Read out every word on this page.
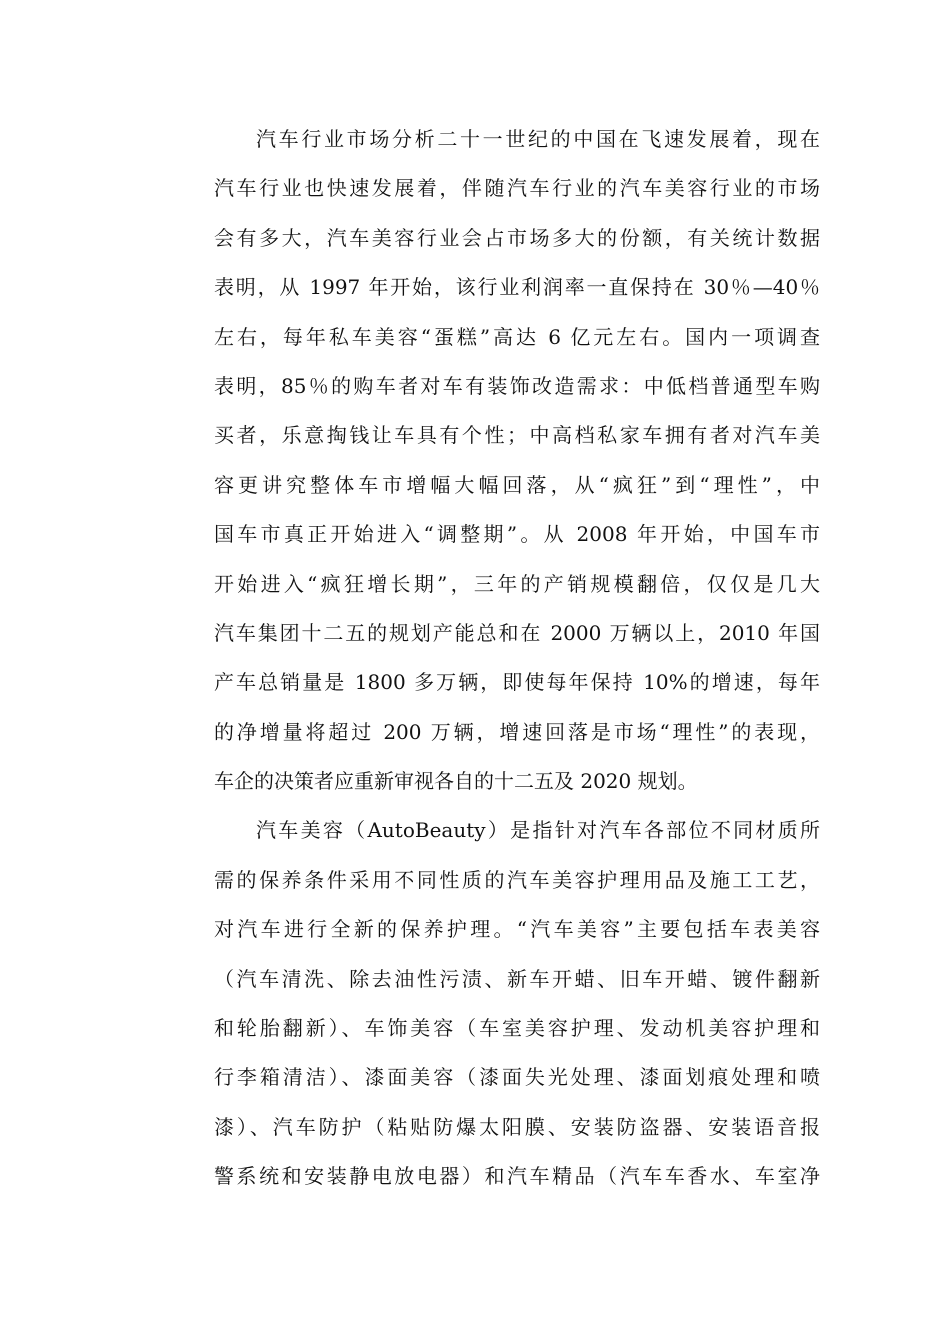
汽车行业市场分析二十一世纪的中国在飞速发展着，现在
汽车行业也快速发展着，伴随汽车行业的汽车美容行业的市场
会有多大，汽车美容行业会占市场多大的份额，有关统计数据
表明，从 1997 年开始，该行业利润率一直保持在 30％—40％
左右，每年私车美容“蛋糕”高达 6 亿元左右。国内一项调查
表明，85％的购车者对车有装饰改造需求：中低档普通型车购
买者，乐意掏钱让车具有个性；中高档私家车拥有者对汽车美
容更讲究整体车市增幅大幅回落，从“疯狂”到“理性”，中
国车市真正开始进入“调整期”。从 2008 年开始，中国车市
开始进入“疯狂增长期”，三年的产销规模翻倍，仅仅是几大
汽车集团十二五的规划产能总和在 2000 万辆以上，2010 年国
产车总销量是 1800 多万辆，即使每年保持 10%的增速，每年
的净增量将超过 200 万辆，增速回落是市场“理性”的表现，
车企的决策者应重新审视各自的十二五及 2020 规划。
汽车美容（AutoBeauty）是指针对汽车各部位不同材质所
需的保养条件采用不同性质的汽车美容护理用品及施工工艺，
对汽车进行全新的保养护理。“汽车美容”主要包括车表美容
（汽车清洗、除去油性污渍、新车开蜡、旧车开蜡、镀件翻新
和轮胎翻新）、车饰美容（车室美容护理、发动机美容护理和
行李箱清洁）、漆面美容（漆面失光处理、漆面划痕处理和喷
漆）、汽车防护（粘贴防爆太阳膜、安装防盗器、安装语音报
警系统和安装静电放电器）和汽车精品（汽车车香水、车室净
